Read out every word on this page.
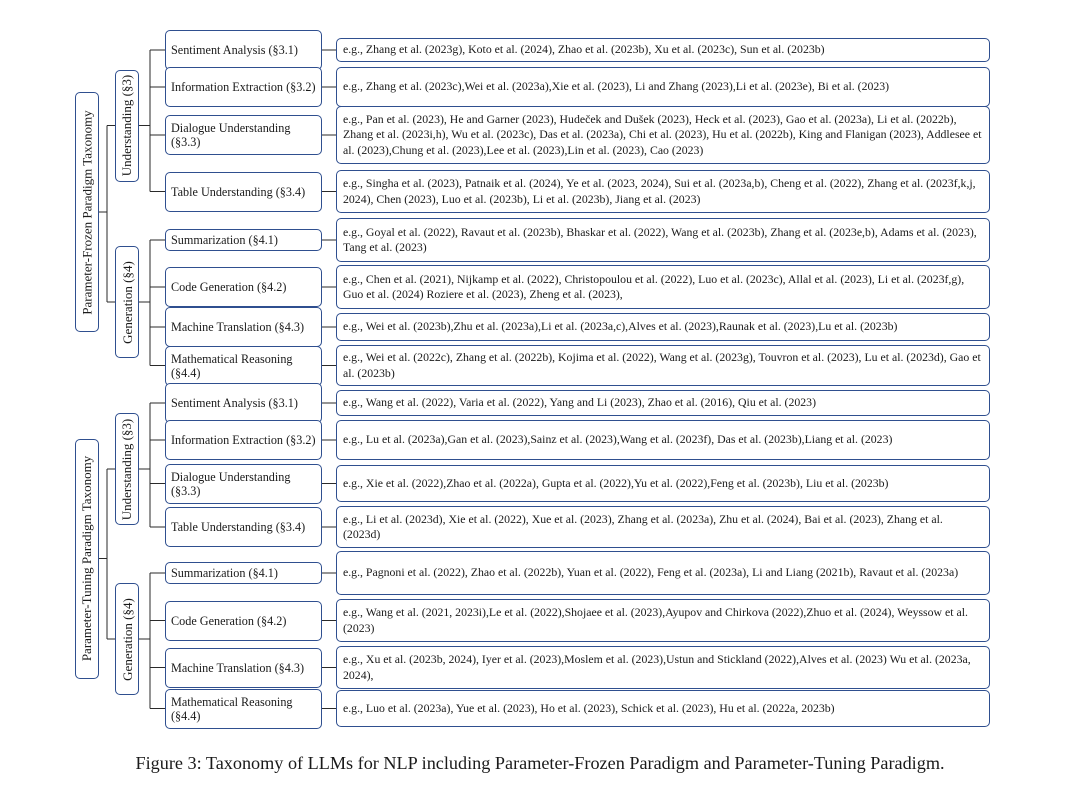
Figure 3: Taxonomy of LLMs for NLP including Parameter-Frozen Paradigm and Parameter-Tuning Paradigm.
Parameter-Frozen Paradigm Taxonomy Understanding (§3)
Sentiment Analysis (§3.1)	e.g., Zhang et al. (2023g), Koto et al. (2024), Zhao et al. (2023b), Xu et al. (2023c), Sun et al. (2023b)
Information Extraction (§3.2) e.g., Zhang et al. (2023c),Wei et al. (2023a),Xie et al. (2023), Li and Zhang (2023),Li et al. (2023e), Bi et al. (2023)
Dialogue Understanding (§3.3)
e.g., Pan et al. (2023), He and Garner (2023), Hudeček and Dušek (2023), Heck et al. (2023), Gao et al. (2023a), Li et al. (2022b), Zhang et al. (2023i,h), Wu et al. (2023c), Das et al. (2023a), Chi et al. (2023), Hu et al. (2022b), King and Flanigan (2023), Addlesee et al. (2023),Chung et al. (2023),Lee et al. (2023),Lin et al. (2023), Cao (2023)
Table Understanding (§3.4)
e.g., Singha et al. (2023), Patnaik et al. (2024), Ye et al. (2023, 2024), Sui et al. (2023a,b), Cheng et al. (2022), Zhang et al. (2023f,k,j, 2024), Chen (2023), Luo et al. (2023b), Li et al. (2023b), Jiang et al. (2023)
Generation (§4)
Summarization (§4.1)
e.g., Goyal et al. (2022), Ravaut et al. (2023b), Bhaskar et al. (2022), Wang et al. (2023b), Zhang et al. (2023e,b), Adams et al. (2023), Tang et al. (2023)
Code Generation (§4.2)
e.g., Chen et al. (2021), Nijkamp et al. (2022), Christopoulou et al. (2022), Luo et al. (2023c), Allal et al. (2023), Li et al. (2023f,g), Guo et al. (2024) Roziere et al. (2023), Zheng et al. (2023),
Machine Translation (§4.3)	e.g., Wei et al. (2023b),Zhu et al. (2023a),Li et al. (2023a,c),Alves et al. (2023),Raunak et al. (2023),Lu et al. (2023b)
Mathematical Reasoning (§4.4)
e.g., Wei et al. (2022c), Zhang et al. (2022b), Kojima et al. (2022), Wang et al. (2023g), Touvron et al. (2023), Lu et al. (2023d), Gao et al. (2023b)
Parameter-Tuning Paradigm Taxonomy Understanding (§3)
Sentiment Analysis (§3.1)	e.g., Wang et al. (2022), Varia et al. (2022), Yang and Li (2023), Zhao et al. (2016), Qiu et al. (2023)
Information Extraction (§3.2) e.g., Lu et al. (2023a),Gan et al. (2023),Sainz et al. (2023),Wang et al. (2023f), Das et al. (2023b),Liang et al. (2023)
Dialogue Understanding (§3.3)
e.g., Xie et al. (2022),Zhao et al. (2022a), Gupta et al. (2022),Yu et al. (2022),Feng et al. (2023b), Liu et al. (2023b)
Table Understanding (§3.4)
e.g., Li et al. (2023d), Xie et al. (2022), Xue et al. (2023), Zhang et al. (2023a), Zhu et al. (2024), Bai et al. (2023), Zhang et al. (2023d)
Generation (§4)
Summarization (§4.1)	e.g., Pagnoni et al. (2022), Zhao et al. (2022b), Yuan et al. (2022), Feng et al. (2023a), Li and Liang (2021b), Ravaut et al. (2023a)
Code Generation (§4.2)
e.g., Wang et al. (2021, 2023i),Le et al. (2022),Shojaee et al. (2023),Ayupov and Chirkova (2022),Zhuo et al. (2024), Weyssow et al. (2023)
Machine Translation (§4.3)
e.g., Xu et al. (2023b, 2024), Iyer et al. (2023),Moslem et al. (2023),Ustun and Stickland (2022),Alves et al. (2023) Wu et al. (2023a, 2024),
Mathematical Reasoning (§4.4)
e.g., Luo et al. (2023a), Yue et al. (2023), Ho et al. (2023), Schick et al. (2023), Hu et al. (2022a, 2023b)
